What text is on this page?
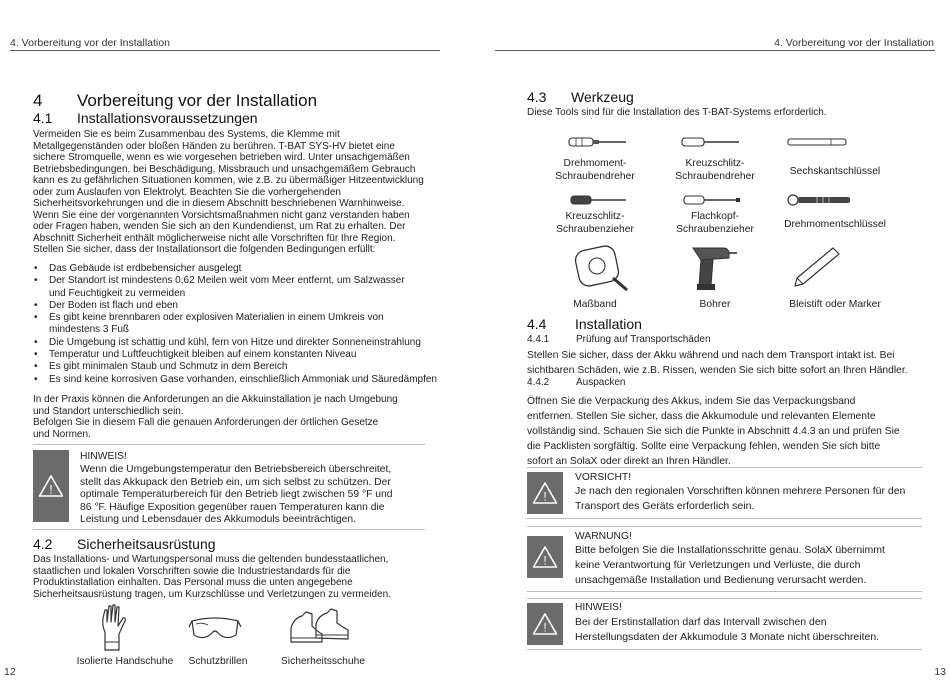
4. Vorbereitung vor der Installation
4 Vorbereitung vor der Installation
4.1 Installationsvoraussetzungen
Vermeiden Sie es beim Zusammenbau des Systems, die Klemme mit
Metallgegenständen oder bloßen Händen zu berühren. T-BAT SYS-HV bietet eine
sichere Stromquelle, wenn es wie vorgesehen betrieben wird. Unter unsachgemäßen
Betriebsbedingungen, bei Beschädigung, Missbrauch und unsachgemäßem Gebrauch
kann es zu gefährlichen Situationen kommen, wie z.B. zu übermäßiger Hitzeentwicklung
oder zum Auslaufen von Elektrolyt. Beachten Sie die vorhergehenden
Sicherheitsvorkehrungen und die in diesem Abschnitt beschriebenen Warnhinweise.
Wenn Sie eine der vorgenannten Vorsichtsmaßnahmen nicht ganz verstanden haben
oder Fragen haben, wenden Sie sich an den Kundendienst, um Rat zu erhalten. Der
Abschnitt Sicherheit enthält möglicherweise nicht alle Vorschriften für Ihre Region.
Stellen Sie sicher, dass der Installationsort die folgenden Bedingungen erfüllt:
• Das Gebäude ist erdbebensicher ausgelegt
• Der Standort ist mindestens 0,62 Meilen weit vom Meer entfernt, um Salzwasser
und Feuchtigkeit zu vermeiden
• Der Boden ist flach und eben
• Es gibt keine brennbaren oder explosiven Materialien in einem Umkreis von
mindestens 3 Fuß
• Die Umgebung ist schattig und kühl, fern von Hitze und direkter Sonneneinstrahlung
• Temperatur und Luftfeuchtigkeit bleiben auf einem konstanten Niveau
• Es gibt minimalen Staub und Schmutz in dem Bereich
• Es sind keine korrosiven Gase vorhanden, einschließlich Ammoniak und Säuredämpfen
In der Praxis können die Anforderungen an die Akkuinstallation je nach Umgebung
und Standort unterschiedlich sein.
Befolgen Sie in diesem Fall die genauen Anforderungen der örtlichen Gesetze
und Normen.
!
HINWEIS!
Wenn die Umgebungstemperatur den Betriebsbereich überschreitet,
stellt das Akkupack den Betrieb ein, um sich selbst zu schützen. Der
optimale Temperaturbereich für den Betrieb liegt zwischen 59 °F und
86 °F. Häufige Exposition gegenüber rauen Temperaturen kann die
Leistung und Lebensdauer des Akkumoduls beeinträchtigen.
4.2 Sicherheitsausrüstung
Das Installations- und Wartungspersonal muss die geltenden bundesstaatlichen,
staatlichen und lokalen Vorschriften sowie die Industriestandards für die
Produktinstallation einhalten. Das Personal muss die unten angegebene
Sicherheitsausrüstung tragen, um Kurzschlüsse und Verletzungen zu vermeiden.
Isolierte Handschuhe	Schutzbrillen	Sicherheitsschuhe
12
4. Vorbereitung vor der Installation
4.3 Werkzeug
Diese Tools sind für die Installation des T-BAT-Systems erforderlich.
Drehmoment-
Schraubendreher
Kreuzschlitz-
Schraubendreher	Sechskantschlüssel
Kreuzschlitz-
Schraubenzieher
Flachkopf-
Schraubenzieher	Drehmomentschlüssel
Maßband	Bohrer	Bleistift oder Marker
4.4 Installation
4.4.1	Prüfung auf Transportschäden
Stellen Sie sicher, dass der Akku während und nach dem Transport intakt ist. Bei
sichtbaren Schäden, wie z.B. Rissen, wenden Sie sich bitte sofort an Ihren Händler.
4.4.2	Auspacken
Öffnen Sie die Verpackung des Akkus, indem Sie das Verpackungsband
entfernen. Stellen Sie sicher, dass die Akkumodule und relevanten Elemente
vollständig sind. Schauen Sie sich die Punkte in Abschnitt 4.4.3 an und prüfen Sie
die Packlisten sorgfältig. Sollte eine Verpackung fehlen, wenden Sie sich bitte
sofort an SolaX oder direkt an Ihren Händler.
!
VORSICHT!
Je nach den regionalen Vorschriften können mehrere Personen für den
Transport des Geräts erforderlich sein.
!
WARNUNG!
Bitte befolgen Sie die Installationsschritte genau. SolaX übernimmt
keine Verantwortung für Verletzungen und Verluste, die durch
unsachgemäße Installation und Bedienung verursacht werden.
!
HINWEIS!
Bei der Erstinstallation darf das Intervall zwischen den
Herstellungsdaten der Akkumodule 3 Monate nicht überschreiten.
13
